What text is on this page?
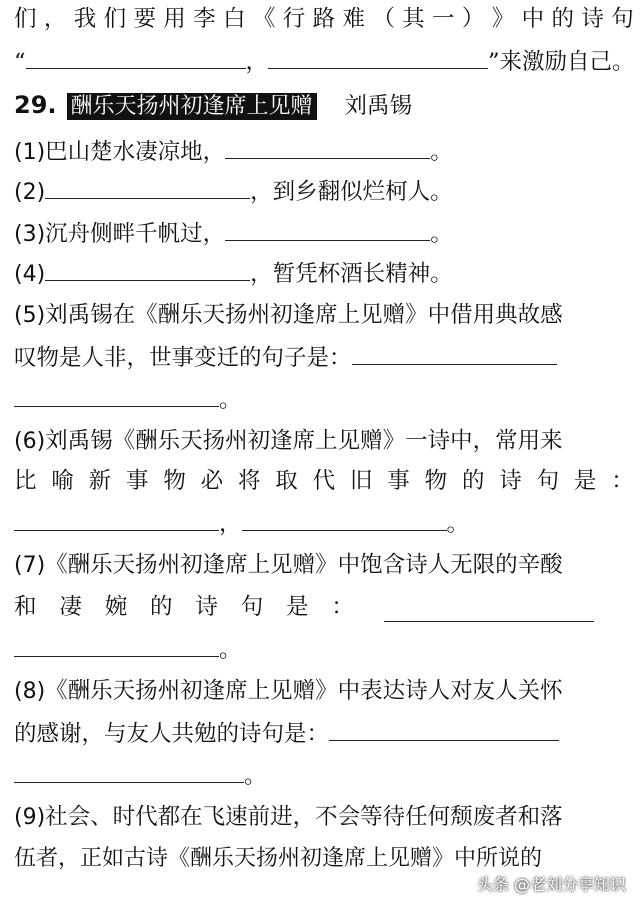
们 ， 我 们 要 用 李 白 《 行 路 难 （ 其 一 ） 》 中 的 诗 句
“	，	”来激励自己。
29. 酬乐天扬州初逢席上见赠 刘禹锡
(1)巴山楚水凄凉地，	。
(2)	，到乡翻似烂柯人。
(3)沉舟侧畔千帆过，	。
(4)	，暂凭杯酒长精神。
(5)刘禹锡在《酬乐天扬州初逢席上见赠》中借用典故感
叹物是人非，世事变迁的句子是：
。
(6)刘禹锡《酬乐天扬州初逢席上见赠》一诗中，常用来
比 喻 新 事 物 必 将 取 代 旧 事 物 的 诗 句 是 ：
，	。
(7)《酬乐天扬州初逢席上见赠》中饱含诗人无限的辛酸
和 凄 婉 的 诗 句 是 ：
。
(8)《酬乐天扬州初逢席上见赠》中表达诗人对友人关怀
的感谢，与友人共勉的诗句是：
。
(9)社会、时代都在飞速前进，不会等待任何颓废者和落
伍者，正如古诗《酬乐天扬州初逢席上见赠》中所说的
头条 @老刘分享知识
